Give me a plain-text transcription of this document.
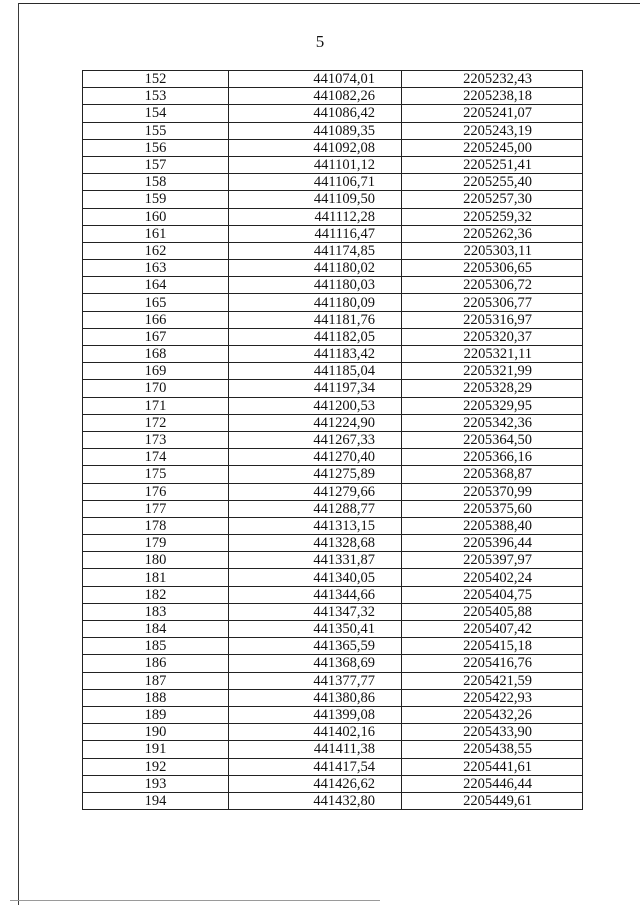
5
152	441074,01	2205232,43
153	441082,26	2205238,18
154	441086,42	2205241,07
155	441089,35	2205243,19
156	441092,08	2205245,00
157	441101,12	2205251,41
158	441106,71	2205255,40
159	441109,50	2205257,30
160	441112,28	2205259,32
161	441116,47	2205262,36
162	441174,85	2205303,11
163	441180,02	2205306,65
164	441180,03	2205306,72
165	441180,09	2205306,77
166	441181,76	2205316,97
167	441182,05	2205320,37
168	441183,42	2205321,11
169	441185,04	2205321,99
170	441197,34	2205328,29
171	441200,53	2205329,95
172	441224,90	2205342,36
173	441267,33	2205364,50
174	441270,40	2205366,16
175	441275,89	2205368,87
176	441279,66	2205370,99
177	441288,77	2205375,60
178	441313,15	2205388,40
179	441328,68	2205396,44
180	441331,87	2205397,97
181	441340,05	2205402,24
182	441344,66	2205404,75
183	441347,32	2205405,88
184	441350,41	2205407,42
185	441365,59	2205415,18
186	441368,69	2205416,76
187	441377,77	2205421,59
188	441380,86	2205422,93
189	441399,08	2205432,26
190	441402,16	2205433,90
191	441411,38	2205438,55
192	441417,54	2205441,61
193	441426,62	2205446,44
194	441432,80	2205449,61
